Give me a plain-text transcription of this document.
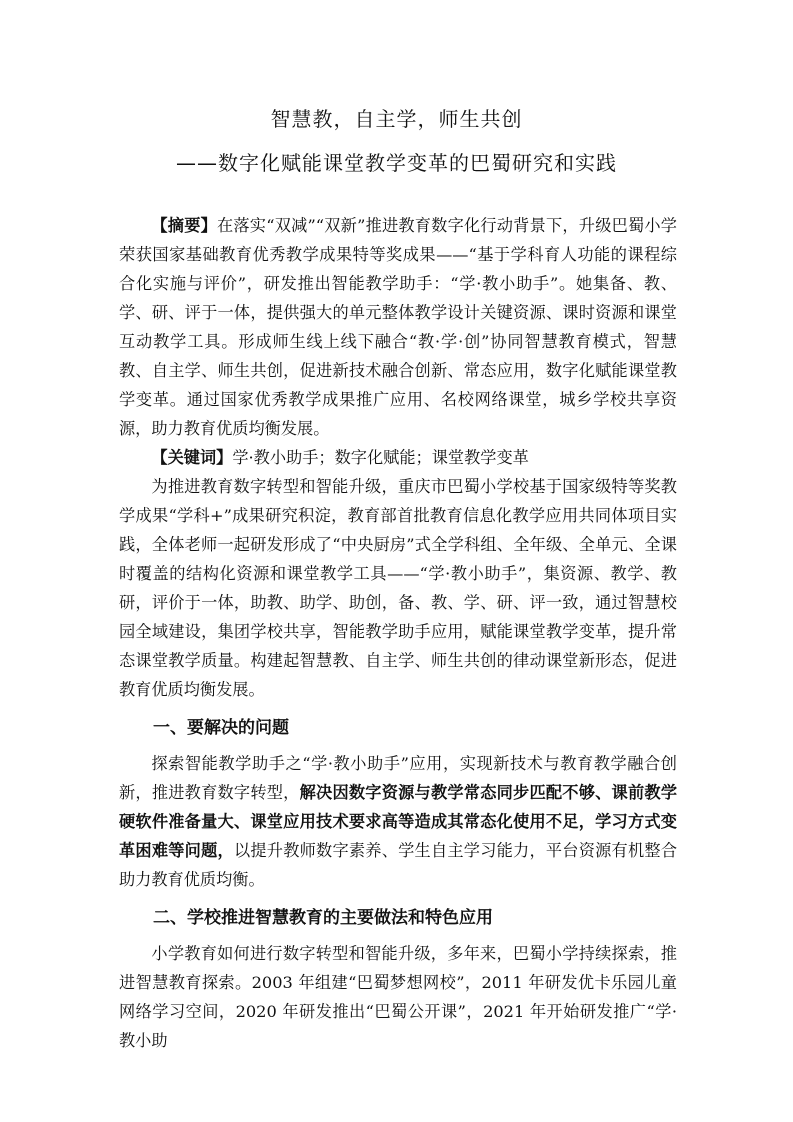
智慧教，自主学，师生共创
——数字化赋能课堂教学变革的巴蜀研究和实践

【摘要】在落实“双减”“双新”推进教育数字化行动背景下，升级巴蜀小学荣获国家基础教育优秀教学成果特等奖成果——“基于学科育人功能的课程综合化实施与评价”，研发推出智能教学助手：“学·教小助手”。她集备、教、学、研、评于一体，提供强大的单元整体教学设计关键资源、课时资源和课堂互动教学工具。形成师生线上线下融合“教·学·创”协同智慧教育模式，智慧教、自主学、师生共创，促进新技术融合创新、常态应用，数字化赋能课堂教学变革。通过国家优秀教学成果推广应用、名校网络课堂，城乡学校共享资源，助力教育优质均衡发展。

【关键词】学·教小助手；数字化赋能；课堂教学变革

为推进教育数字转型和智能升级，重庆市巴蜀小学校基于国家级特等奖教学成果“学科+”成果研究积淀，教育部首批教育信息化教学应用共同体项目实践，全体老师一起研发形成了“中央厨房”式全学科组、全年级、全单元、全课时覆盖的结构化资源和课堂教学工具——“学·教小助手”，集资源、教学、教研，评价于一体，助教、助学、助创，备、教、学、研、评一致，通过智慧校园全域建设，集团学校共享，智能教学助手应用，赋能课堂教学变革，提升常态课堂教学质量。构建起智慧教、自主学、师生共创的律动课堂新形态，促进教育优质均衡发展。

一、要解决的问题

探索智能教学助手之“学·教小助手”应用，实现新技术与教育教学融合创新，推进教育数字转型，解决因数字资源与教学常态同步匹配不够、课前教学硬软件准备量大、课堂应用技术要求高等造成其常态化使用不足，学习方式变革困难等问题，以提升教师数字素养、学生自主学习能力，平台资源有机整合助力教育优质均衡。

二、学校推进智慧教育的主要做法和特色应用

小学教育如何进行数字转型和智能升级，多年来，巴蜀小学持续探索，推进智慧教育探索。2003 年组建“巴蜀梦想网校”，2011 年研发优卡乐园儿童网络学习空间，2020 年研发推出“巴蜀公开课”，2021 年开始研发推广“学·教小助
